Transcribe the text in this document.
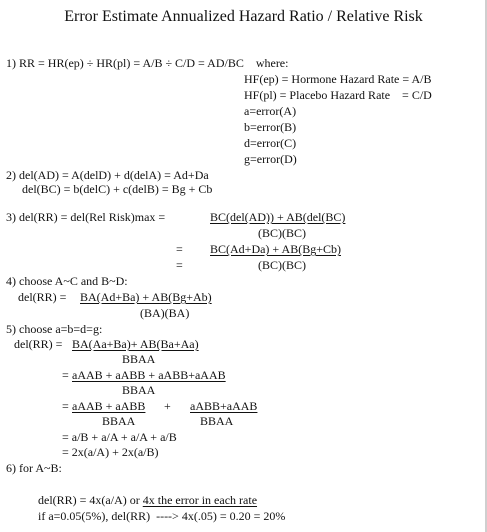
Error Estimate Annualized Hazard Ratio / Relative Risk
1) RR = HR(ep) ÷ HR(pl) = A/B ÷ C/D = AD/BC    where:
HF(ep) = Hormone Hazard Rate = A/B
HF(pl) = Placebo Hazard Rate    = C/D
a=error(A)
b=error(B)
d=error(C)
g=error(D)
2) del(AD) = A(delD) + d(delA) = Ad+Da
del(BC) = b(delC) + c(delB) = Bg + Cb
3) del(RR) = del(Rel Risk)max =	BC(del(AD)) + AB(del(BC)
(BC)(BC)
= BC(Ad+Da) + AB(Bg+Cb)
=	(BC)(BC)
4) choose A~C and B~D:
del(RR) = BA(Ad+Ba) + AB(Bg+Ab)
(BA)(BA)
5) choose a=b=d=g:
del(RR) = BA(Aa+Ba)+ AB(Ba+Aa)
BBAA
= aAAB + aABB + aABB+aAAB
BBAA
= aAAB + aABB + aABB+aAAB
BBAA	BBAA
= a/B + a/A + a/A + a/B
= 2x(a/A) + 2x(a/B)
6) for A~B:
del(RR) = 4x(a/A) or 4x the error in each rate
if a=0.05(5%), del(RR)  ----> 4x(.05) = 0.20 = 20%
